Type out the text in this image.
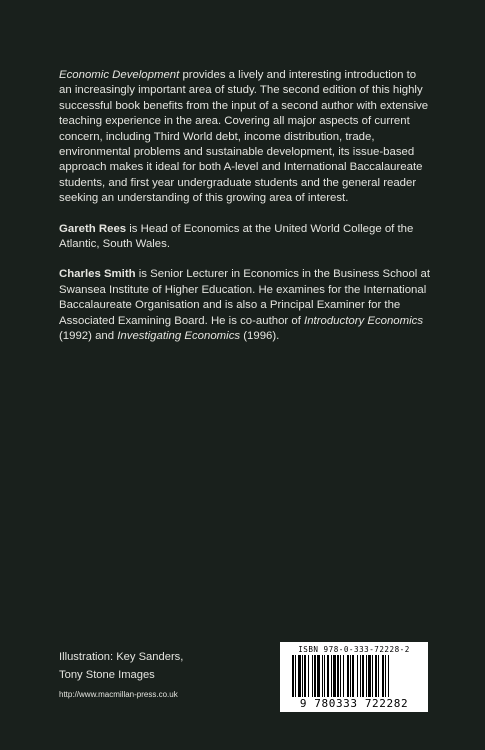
Economic Development provides a lively and interesting introduction to an increasingly important area of study. The second edition of this highly successful book benefits from the input of a second author with extensive teaching experience in the area. Covering all major aspects of current concern, including Third World debt, income distribution, trade, environmental problems and sustainable development, its issue-based approach makes it ideal for both A-level and International Baccalaureate students, and first year undergraduate students and the general reader seeking an understanding of this growing area of interest.

Gareth Rees is Head of Economics at the United World College of the Atlantic, South Wales.

Charles Smith is Senior Lecturer in Economics in the Business School at Swansea Institute of Higher Education. He examines for the International Baccalaureate Organisation and is also a Principal Examiner for the Associated Examining Board. He is co-author of Introductory Economics (1992) and Investigating Economics (1996).

Illustration: Key Sanders,
Tony Stone Images
http://www.macmillan-press.co.uk
ISBN 978-0-333-72228-2
9 780333 722282
